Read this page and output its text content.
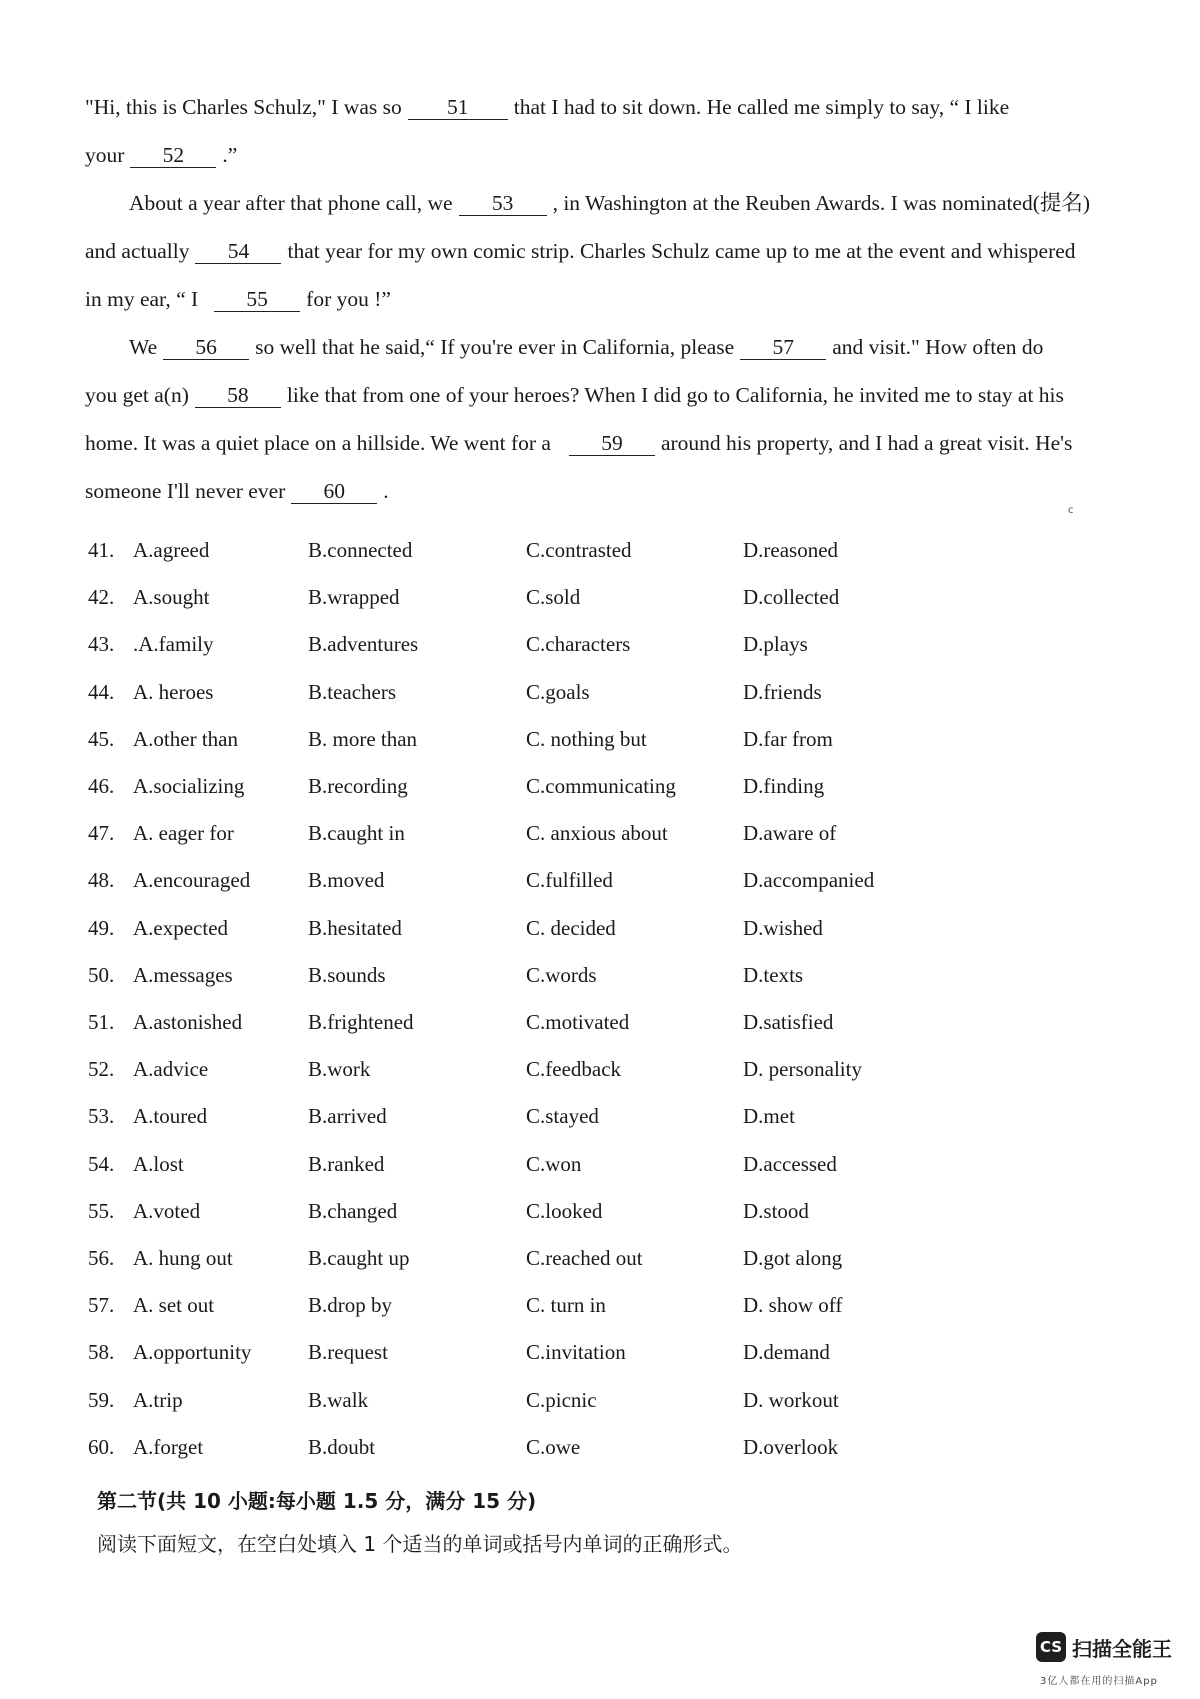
"Hi, this is Charles Schulz," I was so 51 that I had to sit down. He called me simply to say, “ I like
your 52 .”
About a year after that phone call, we 53 , in Washington at the Reuben Awards. I was nominated(提名)
and actually 54 that year for my own comic strip. Charles Schulz came up to me at the event and whispered
in my ear, “ I 55 for you !”
We 56 so well that he said,“ If you're ever in California, please 57 and visit." How often do
you get a(n) 58 like that from one of your heroes? When I did go to California, he invited me to stay at his
home. It was a quiet place on a hillside. We went for a 59 around his property, and I had a great visit. He's
someone I'll never ever 60 .
c
41. A.agreed	B.connected	C.contrasted	D.reasoned
42. A.sought	B.wrapped	C.sold	D.collected
43. .A.family	B.adventures	C.characters	D.plays
44. A. heroes	B.teachers	C.goals	D.friends
45. A.other than	B. more than	C. nothing but	D.far from
46. A.socializing	B.recording	C.communicating	D.finding
47. A. eager for	B.caught in	C. anxious about	D.aware of
48. A.encouraged	B.moved	C.fulfilled	D.accompanied
49. A.expected	B.hesitated	C. decided	D.wished
50. A.messages	B.sounds	C.words	D.texts
51. A.astonished	B.frightened	C.motivated	D.satisfied
52. A.advice	B.work	C.feedback	D. personality
53. A.toured	B.arrived	C.stayed	D.met
54. A.lost	B.ranked	C.won	D.accessed
55. A.voted	B.changed	C.looked	D.stood
56. A. hung out	B.caught up	C.reached out	D.got along
57. A. set out	B.drop by	C. turn in	D. show off
58. A.opportunity	B.request	C.invitation	D.demand
59. A.trip	B.walk	C.picnic	D. workout
60. A.forget	B.doubt	C.owe	D.overlook
第二节(共 10 小题:每小题 1.5 分，满分 15 分)
阅读下面短文，在空白处填入 1 个适当的单词或括号内单词的正确形式。
CS 扫描全能王
3亿人都在用的扫描App
